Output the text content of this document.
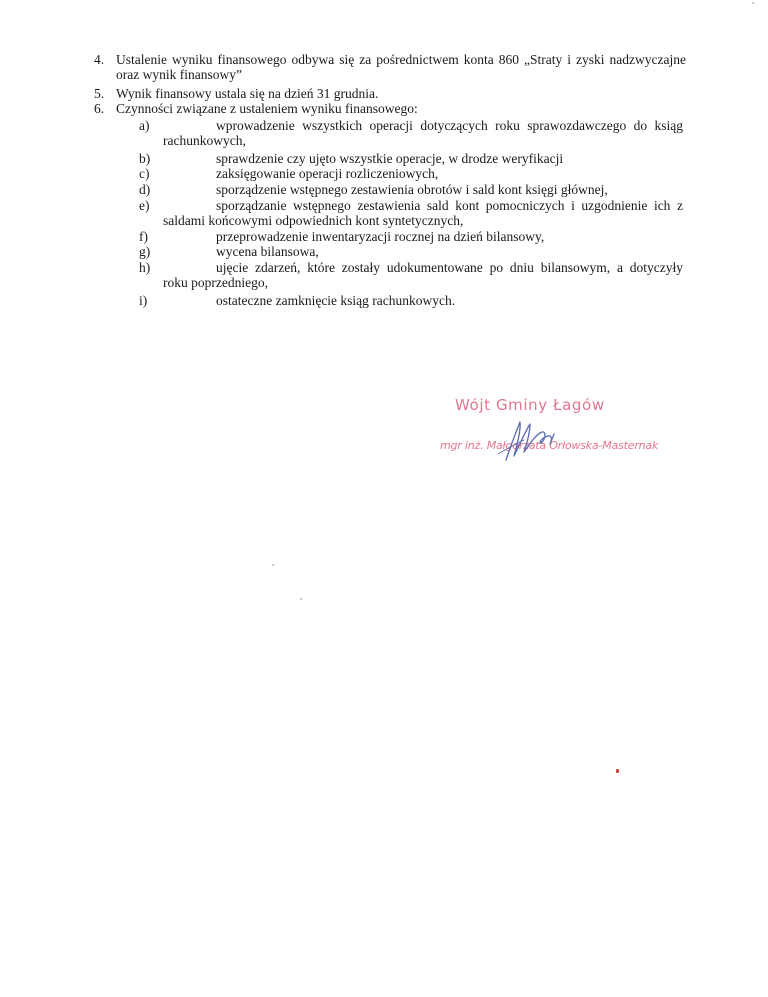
4. Ustalenie wyniku finansowego odbywa się za pośrednictwem konta 860 „Straty i zyski nadzwyczajne
oraz wynik finansowy”
5. Wynik finansowy ustala się na dzień 31 grudnia.
6. Czynności związane z ustaleniem wyniku finansowego:
a)	wprowadzenie wszystkich operacji dotyczących roku sprawozdawczego do ksiąg
rachunkowych,
b)	sprawdzenie czy ujęto wszystkie operacje, w drodze weryfikacji
c)	zaksięgowanie operacji rozliczeniowych,
d)	sporządzenie wstępnego zestawienia obrotów i sald kont księgi głównej,
e)	sporządzanie wstępnego zestawienia sald kont pomocniczych i uzgodnienie ich z
saldami końcowymi odpowiednich kont syntetycznych,
f)	przeprowadzenie inwentaryzacji rocznej na dzień bilansowy,
g)	wycena bilansowa,
h)	ujęcie zdarzeń, które zostały udokumentowane po dniu bilansowym, a dotyczyły
roku poprzedniego,
i)	ostateczne zamknięcie ksiąg rachunkowych.
Wójt Gminy Łagów
mgr inż. Małgorzata Orłowska-Masternak
